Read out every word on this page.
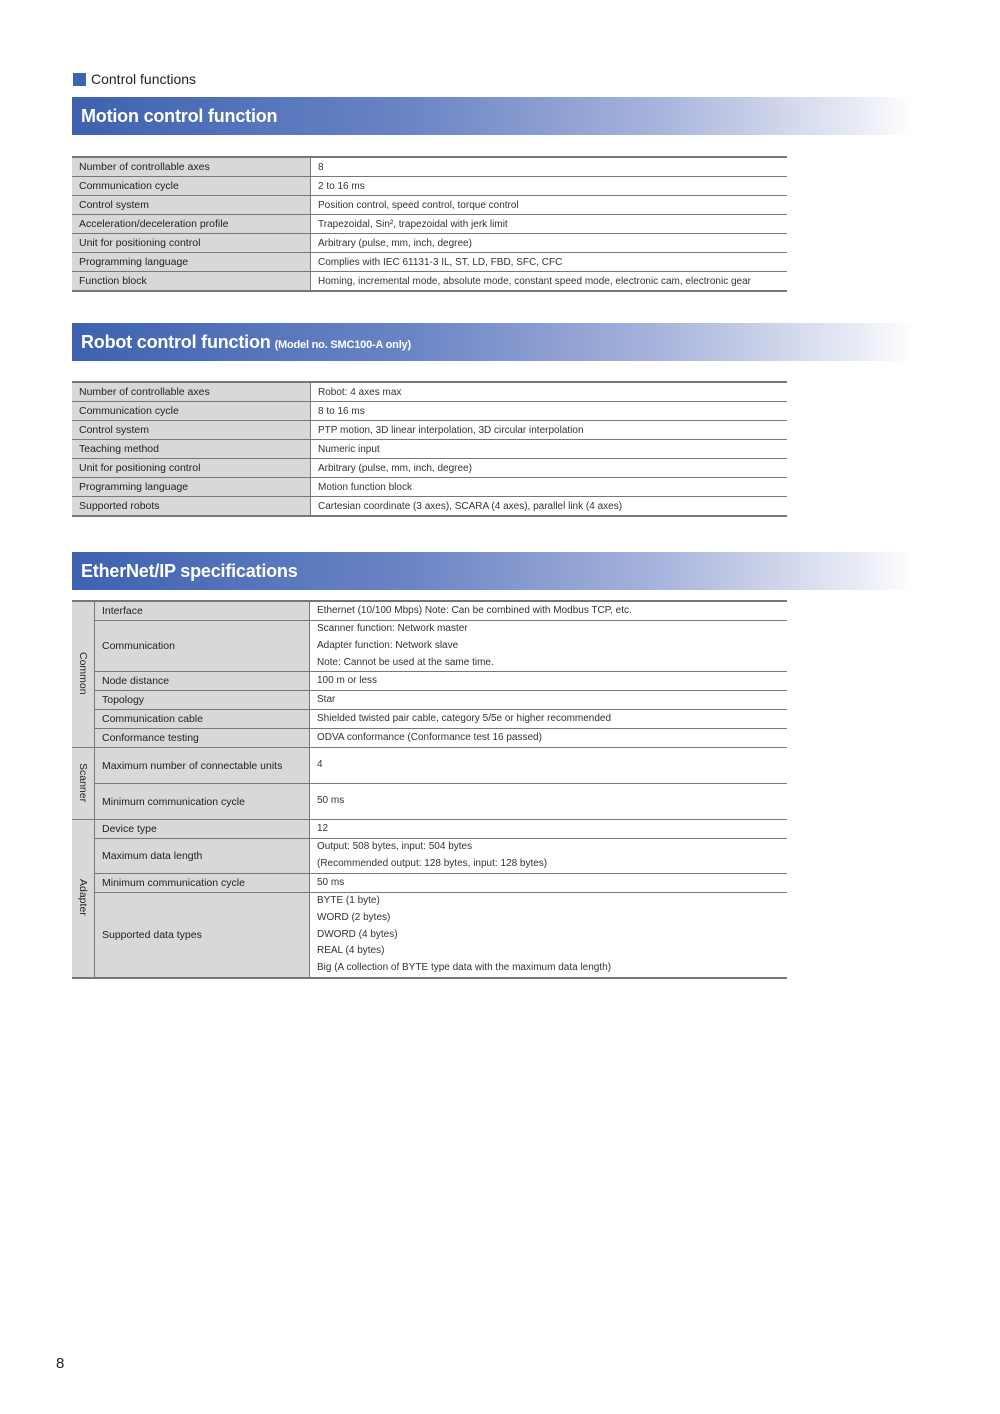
Control functions
Motion control function
Number of controllable axes	8
Communication cycle	2 to 16 ms
Control system	Position control, speed control, torque control
Acceleration/deceleration profile	Trapezoidal, Sin², trapezoidal with jerk limit
Unit for positioning control	Arbitrary (pulse, mm, inch, degree)
Programming language	Complies with IEC 61131-3 IL, ST, LD, FBD, SFC, CFC
Function block	Homing, incremental mode, absolute mode, constant speed mode, electronic cam, electronic gear
Robot control function (Model no. SMC100-A only)
Number of controllable axes	Robot: 4 axes max
Communication cycle	8 to 16 ms
Control system	PTP motion, 3D linear interpolation, 3D circular interpolation
Teaching method	Numeric input
Unit for positioning control	Arbitrary (pulse, mm, inch, degree)
Programming language	Motion function block
Supported robots	Cartesian coordinate (3 axes), SCARA (4 axes), parallel link (4 axes)
EtherNet/IP specifications
Common	Interface	Ethernet (10/100 Mbps) Note: Can be combined with Modbus TCP, etc.

	Communication	Scanner function: Network master
Adapter function: Network slave
Note: Cannot be used at the same time.

	Node distance	100 m or less

	Topology	Star

	Communication cable	Shielded twisted pair cable, category 5/5e or higher recommended

	Conformance testing	ODVA conformance (Conformance test 16 passed)

Scanner	Maximum number of connectable units	4

	Minimum communication cycle	50 ms

Adapter	Device type	12

	Maximum data length	Output: 508 bytes, input: 504 bytes
(Recommended output: 128 bytes, input: 128 bytes)

	Minimum communication cycle	50 ms

	Supported data types	BYTE (1 byte)
WORD (2 bytes)
DWORD (4 bytes)
REAL (4 bytes)
Big (A collection of BYTE type data with the maximum data length)
8
